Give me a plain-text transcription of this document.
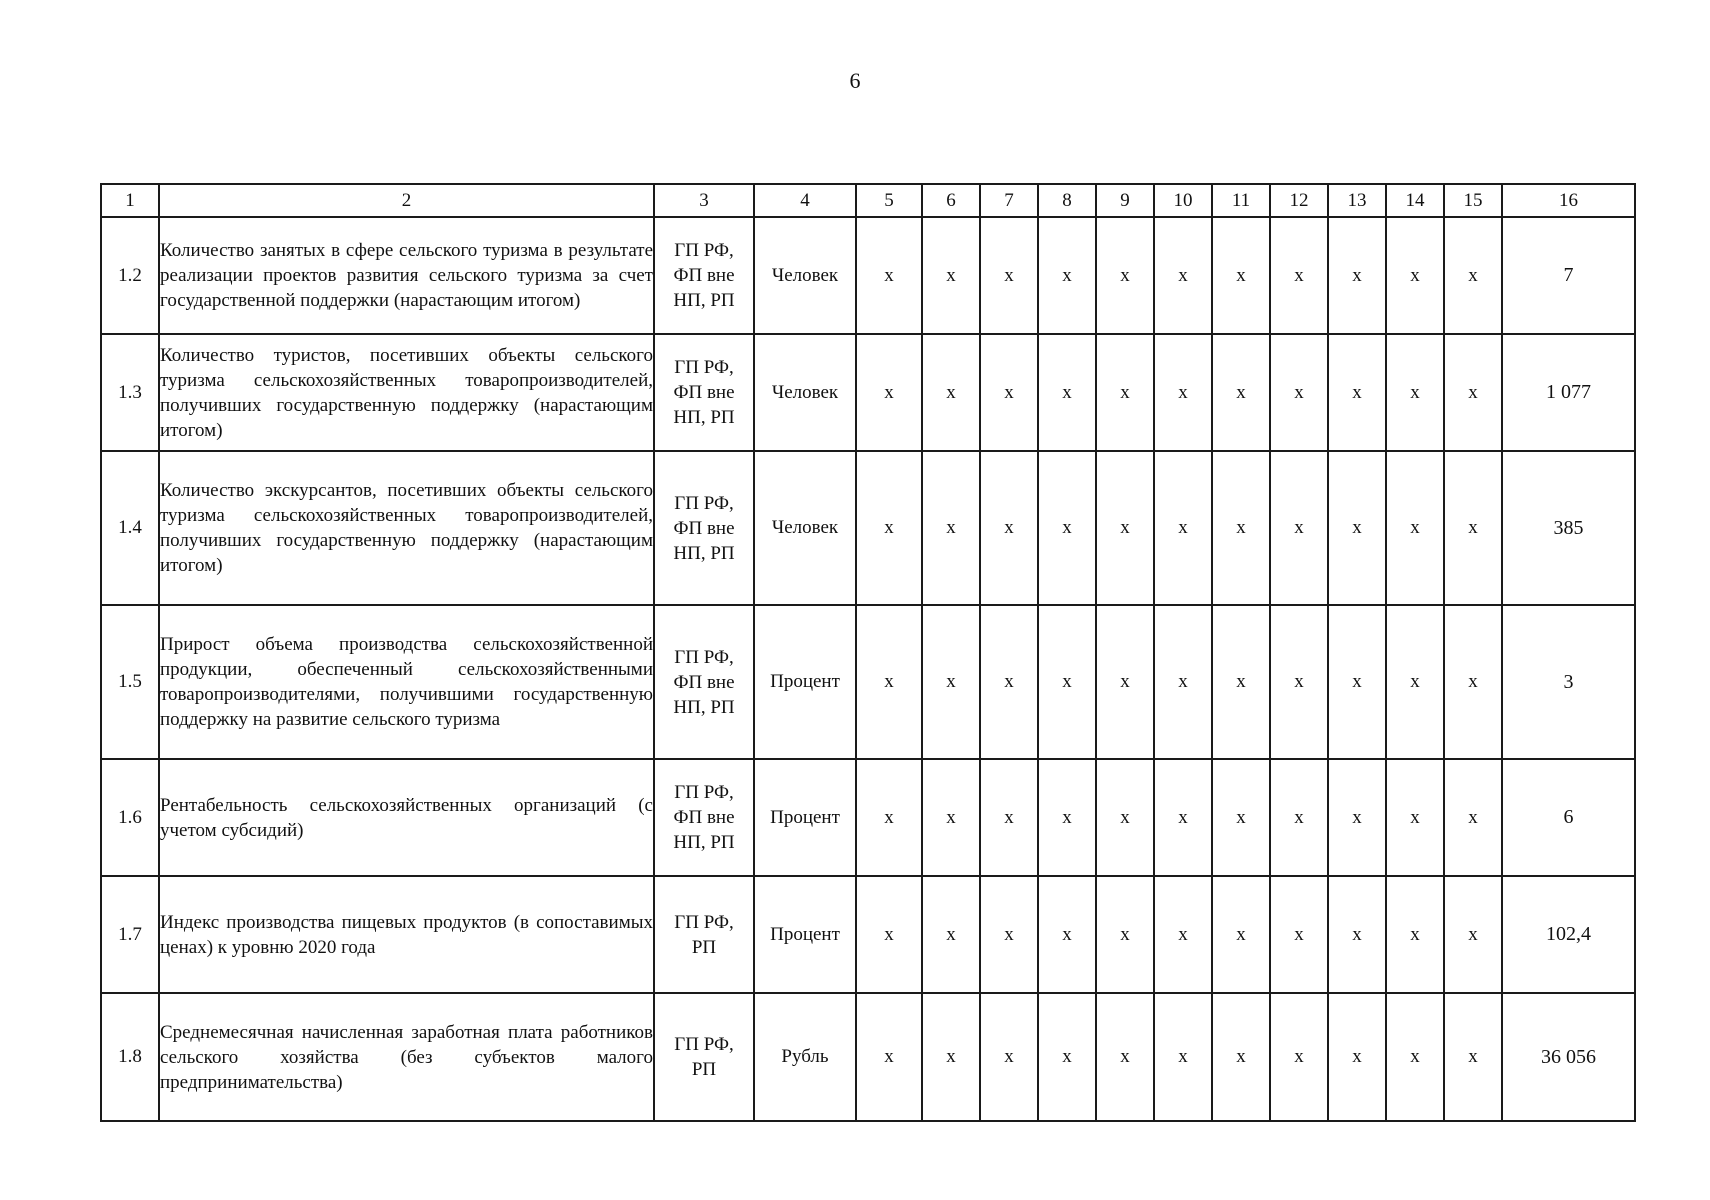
6
1	2	3	4	5	6	7	8	9	10	11	12	13	14	15	16
1.2	Количество занятых в сфере сельского туризма в результате реализации проектов развития сельского туризма за счет государственной поддержки (нарастающим итогом)	ГП РФ,
ФП вне
НП, РП	Человек	x	x	x	x	x	x	x	x	x	x	x	7
1.3	Количество туристов, посетивших объекты сельского туризма сельскохозяйственных товаропроизводителей, получивших государственную поддержку (нарастающим итогом)	ГП РФ,
ФП вне
НП, РП	Человек	x	x	x	x	x	x	x	x	x	x	x	1 077
1.4	Количество экскурсантов, посетивших объекты сельского туризма сельскохозяйственных товаропроизводителей, получивших государственную поддержку (нарастающим итогом)	ГП РФ,
ФП вне
НП, РП	Человек	x	x	x	x	x	x	x	x	x	x	x	385
1.5	Прирост объема производства сельскохозяйственной продукции, обеспеченный сельскохозяйственными товаропроизводителями, получившими государственную поддержку на развитие сельского туризма	ГП РФ,
ФП вне
НП, РП	Процент	x	x	x	x	x	x	x	x	x	x	x	3
1.6	Рентабельность сельскохозяйственных организаций (с учетом субсидий)	ГП РФ,
ФП вне
НП, РП	Процент	x	x	x	x	x	x	x	x	x	x	x	6
1.7	Индекс производства пищевых продуктов (в сопоставимых ценах) к уровню 2020 года	ГП РФ,
РП	Процент	x	x	x	x	x	x	x	x	x	x	x	102,4
1.8	Среднемесячная начисленная заработная плата работников сельского хозяйства (без субъектов малого предпринимательства)	ГП РФ,
РП	Рубль	x	x	x	x	x	x	x	x	x	x	x	36 056
